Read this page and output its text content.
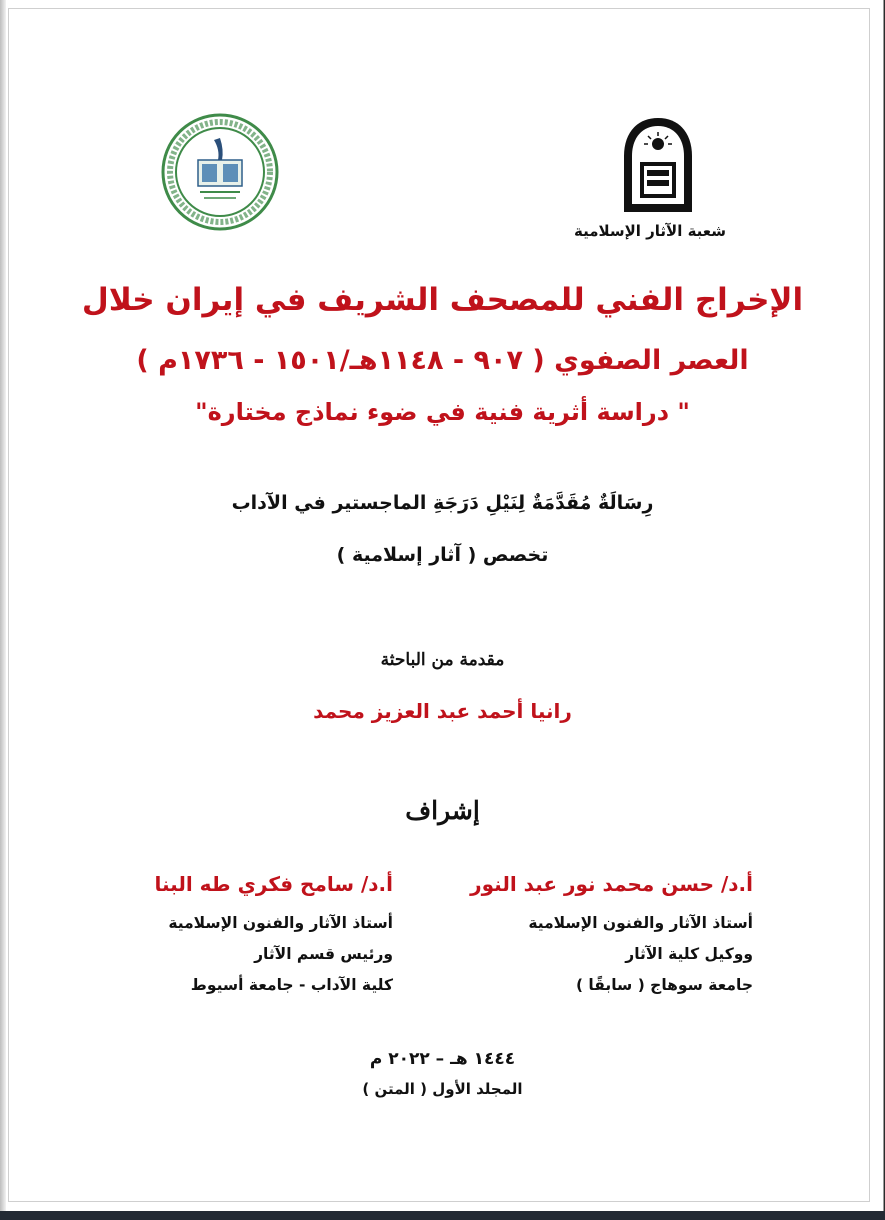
شعبة الآثار الإسلامية
الإخراج الفني للمصحف الشريف في إيران خلال
العصر الصفوي ( ٩٠٧ - ١١٤٨هـ/١٥٠١ - ١٧٣٦م )
" دراسة أثرية فنية في ضوء نماذج مختارة"
رِسَالَةٌ مُقَدَّمَةٌ لِنَيْلِ دَرَجَةِ الماجستير في الآداب
تخصص ( آثار إسلامية )
مقدمة من الباحثة
رانيا أحمد عبد العزيز محمد
إشراف
أ.د/ حسن محمد نور عبد النور
أستاذ الآثار والفنون الإسلامية
ووكيل كلية الآثار
جامعة سوهاج ( سابقًا )
أ.د/ سامح فكري طه البنا
أستاذ الآثار والفنون الإسلامية
ورئيس قسم الآثار
كلية الآداب - جامعة أسيوط
١٤٤٤ هـ – ٢٠٢٢ م
المجلد الأول ( المتن )
